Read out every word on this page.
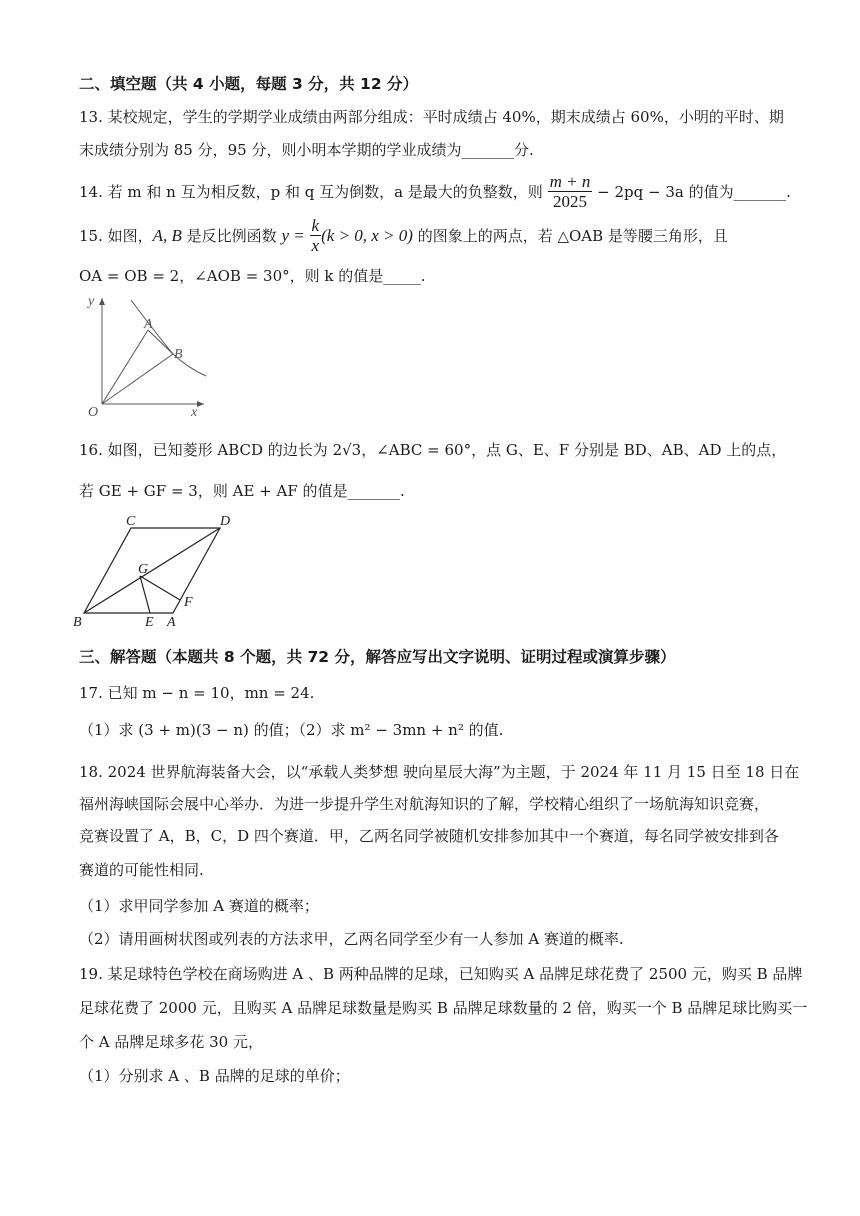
二、填空题（共 4 小题，每题 3 分，共 12 分）
13. 某校规定，学生的学期学业成绩由两部分组成：平时成绩占 40%，期末成绩占 60%，小明的平时、期
末成绩分别为 85 分，95 分，则小明本学期的学业成绩为_______分.
14. 若 m 和 n 互为相反数，p 和 q 互为倒数，a 是最大的负整数，则 $\frac{m + n}{2025} - 2pq - 3a$ 的值为_______.
15. 如图，A, B 是反比例函数 $y = \frac{k}{x} (k > 0$, x > 0) 的图象上的两点，若 △OAB 是等腰三角形，且
OA = OB = 2，∠AOB = 30°，则 k 的值是_____.
y
x
O
A
B
16. 如图，已知菱形 ABCD 的边长为 2√3，∠ABC = 60°，点 G、E、F 分别是 BD、AB、AD 上的点，
若 GE + GF = 3，则 AE + AF 的值是_______.
B
C	D
A
E
F
G
三、解答题（本题共 8 个题，共 72 分，解答应写出文字说明、证明过程或演算步骤）
17. 已知 m − n = 10，mn = 24.
（1）求 (3 + m)(3 − n) 的值；
（2）求 m² − 3mn + n² 的值.
18. 2024 世界航海装备大会，以“承载人类梦想 驶向星辰大海”为主题，于 2024 年 11 月 15 日至 18 日在
福州海峡国际会展中心举办．为进一步提升学生对航海知识的了解，学校精心组织了一场航海知识竞赛，
竞赛设置了 A，B，C，D 四个赛道．甲，乙两名同学被随机安排参加其中一个赛道，每名同学被安排到各
赛道的可能性相同.
（1）求甲同学参加 A 赛道的概率；
（2）请用画树状图或列表的方法求甲，乙两名同学至少有一人参加 A 赛道的概率.
19. 某足球特色学校在商场购进 A 、B 两种品牌的足球，已知购买 A 品牌足球花费了 2500 元，购买 B 品牌
足球花费了 2000 元，且购买 A 品牌足球数量是购买 B 品牌足球数量的 2 倍，购买一个 B 品牌足球比购买一
个 A 品牌足球多花 30 元，
（1）分别求 A 、B 品牌的足球的单价；
